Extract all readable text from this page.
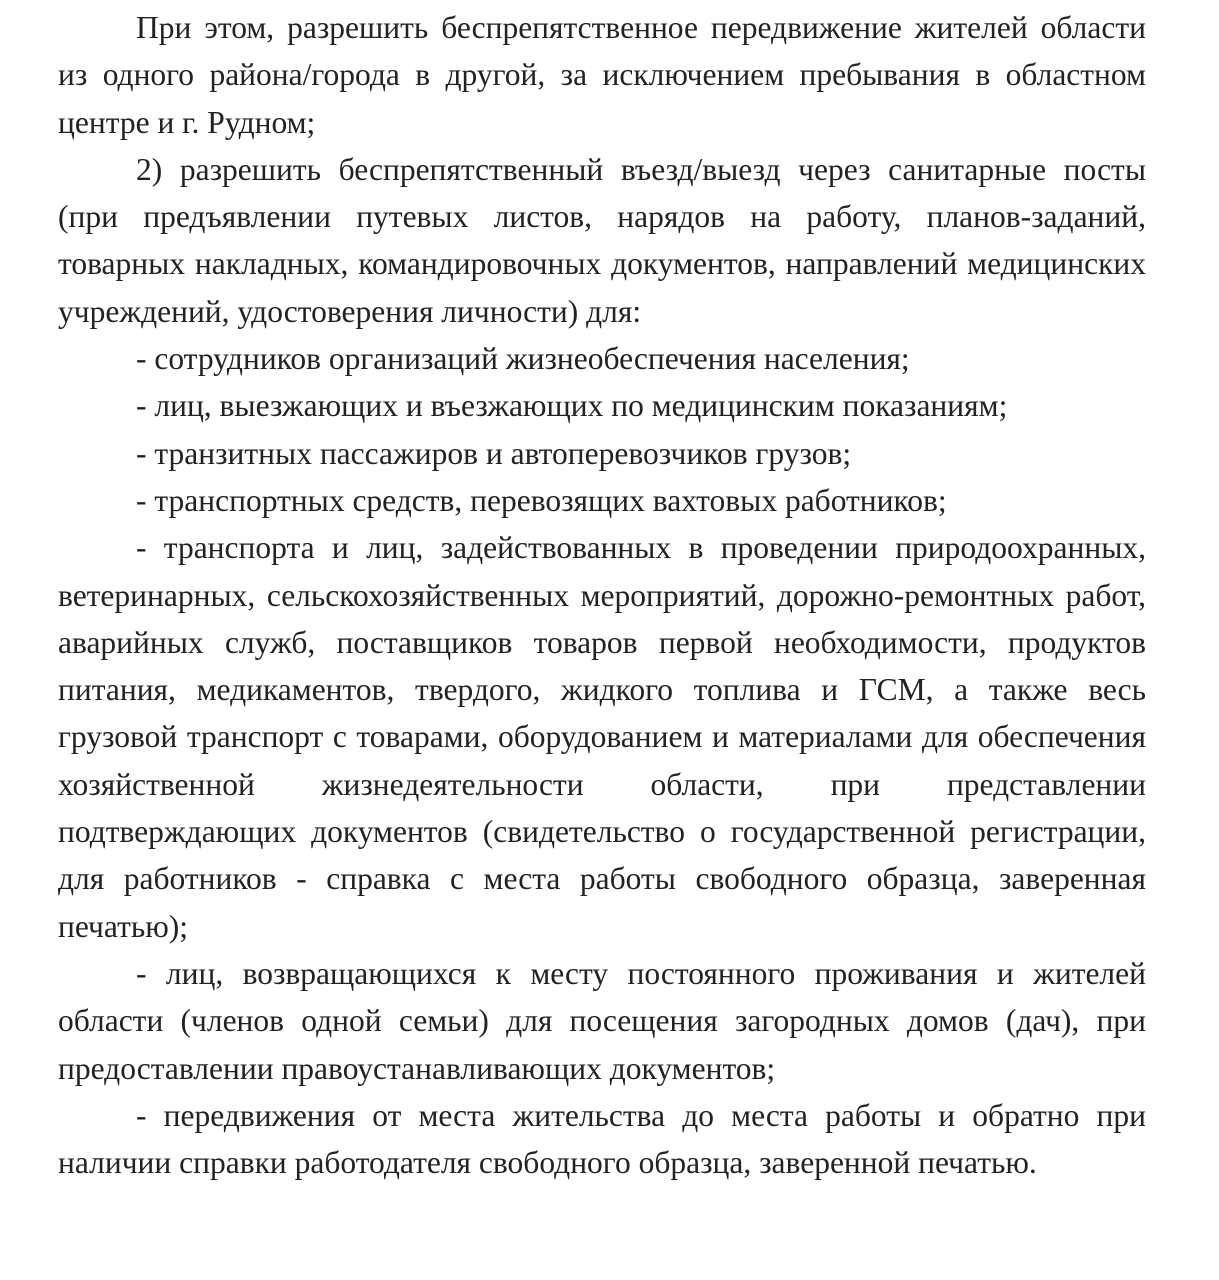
При этом, разрешить беспрепятственное передвижение жителей области из одного района/города в другой, за исключением пребывания в областном центре и г. Рудном;

2) разрешить беспрепятственный въезд/выезд через санитарные посты (при предъявлении путевых листов, нарядов на работу, планов-заданий, товарных накладных, командировочных документов, направлений медицинских учреждений, удостоверения личности) для:

- сотрудников организаций жизнеобеспечения населения;

- лиц, выезжающих и въезжающих по медицинским показаниям;

- транзитных пассажиров и автоперевозчиков грузов;

- транспортных средств, перевозящих вахтовых работников;

- транспорта и лиц, задействованных в проведении природоохранных, ветеринарных, сельскохозяйственных мероприятий, дорожно-ремонтных работ, аварийных служб, поставщиков товаров первой необходимости, продуктов питания, медикаментов, твердого, жидкого топлива и ГСМ, а также весь грузовой транспорт с товарами, оборудованием и материалами для обеспечения хозяйственной жизнедеятельности области, при представлении подтверждающих документов (свидетельство о государственной регистрации, для работников - справка с места работы свободного образца, заверенная печатью);

- лиц, возвращающихся к месту постоянного проживания и жителей области (членов одной семьи) для посещения загородных домов (дач), при предоставлении правоустанавливающих документов;

- передвижения от места жительства до места работы и обратно при наличии справки работодателя свободного образца, заверенной печатью.
